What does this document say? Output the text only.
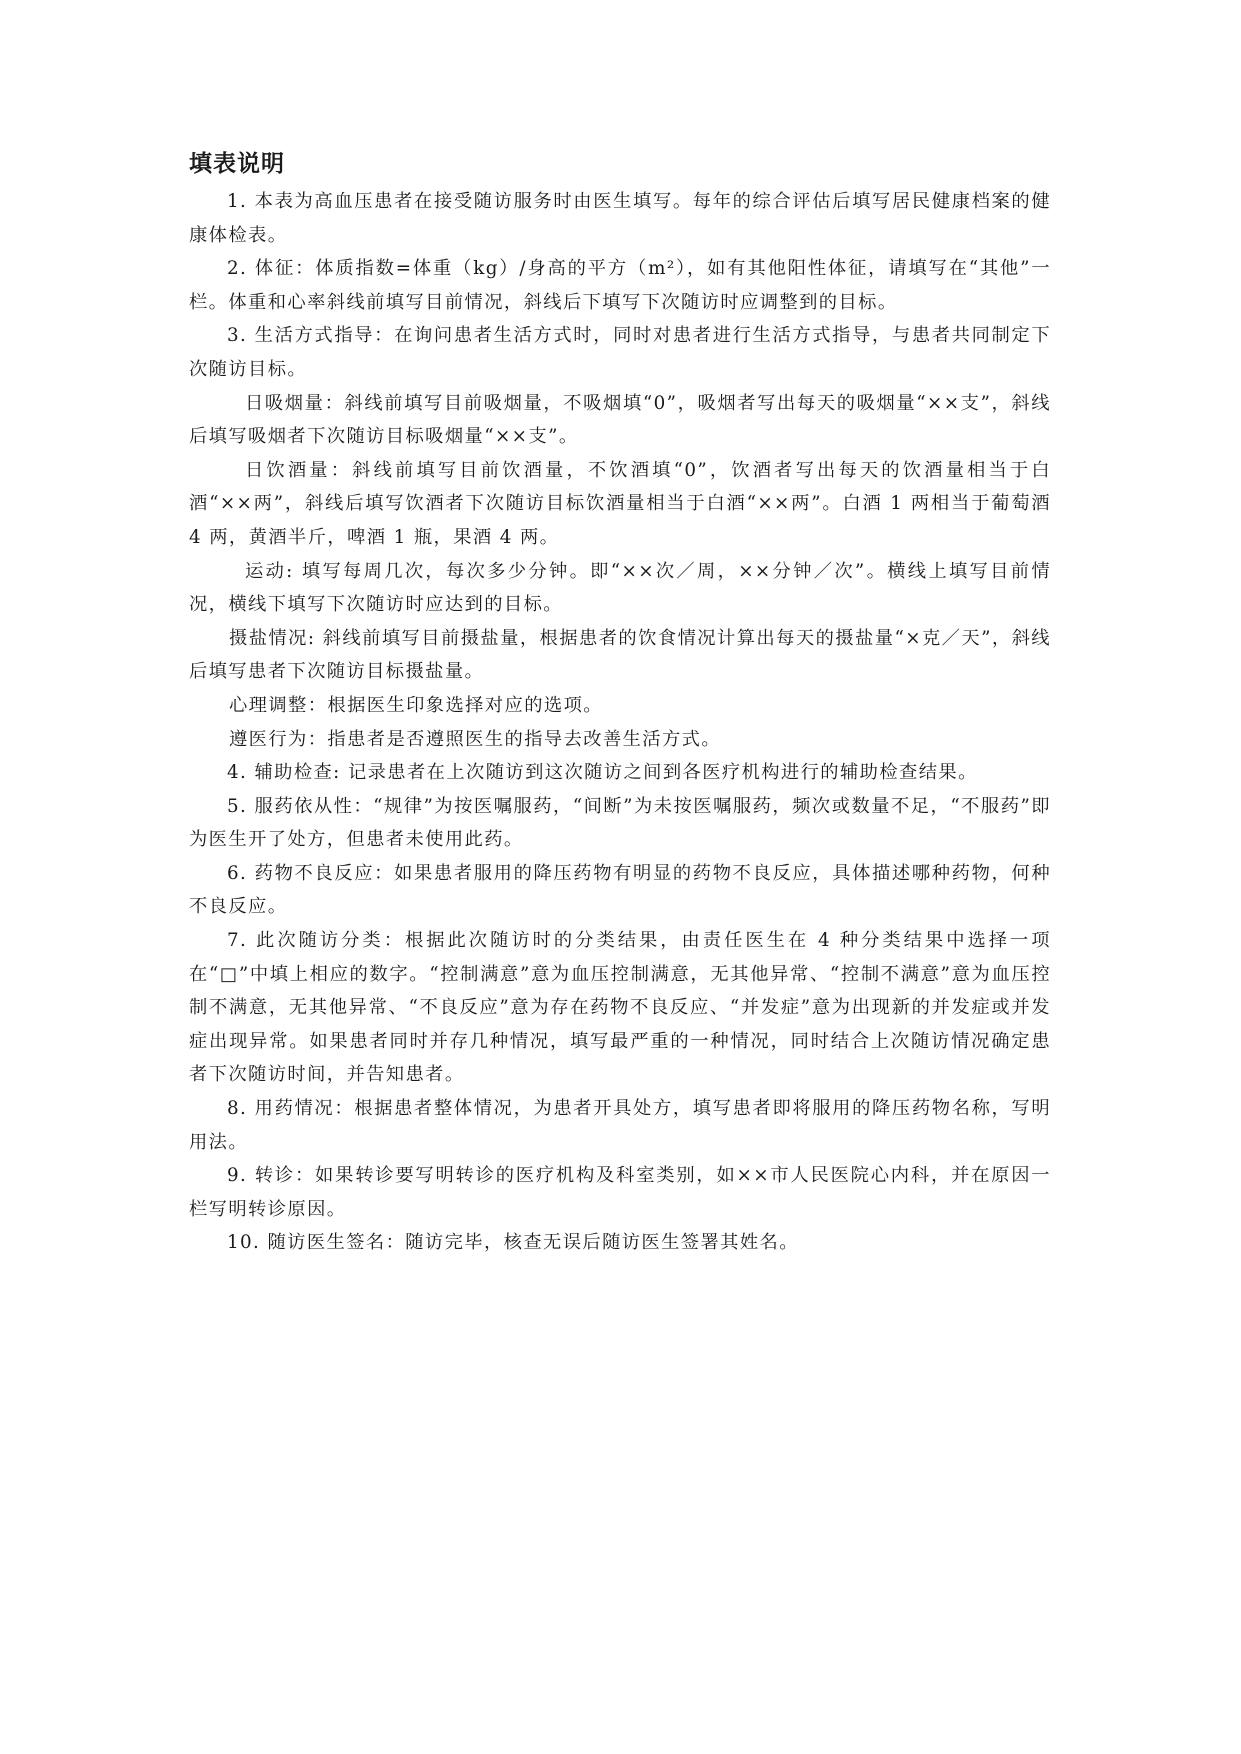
填表说明

1. 本表为高血压患者在接受随访服务时由医生填写。每年的综合评估后填写居民健康档案的健康体检表。

2. 体征：体质指数=体重（kg）/身高的平方（m²），如有其他阳性体征，请填写在“其他”一栏。体重和心率斜线前填写目前情况，斜线后下填写下次随访时应调整到的目标。

3. 生活方式指导：在询问患者生活方式时，同时对患者进行生活方式指导，与患者共同制定下次随访目标。

日吸烟量：斜线前填写目前吸烟量，不吸烟填“0”，吸烟者写出每天的吸烟量“××支”，斜线后填写吸烟者下次随访目标吸烟量“××支”。

日饮酒量：斜线前填写目前饮酒量，不饮酒填“0”，饮酒者写出每天的饮酒量相当于白酒“××两”，斜线后填写饮酒者下次随访目标饮酒量相当于白酒“××两”。白酒 1 两相当于葡萄酒 4 两，黄酒半斤，啤酒 1 瓶，果酒 4 两。

运动: 填写每周几次，每次多少分钟。即“××次／周，××分钟／次”。横线上填写目前情况，横线下填写下次随访时应达到的目标。

摄盐情况: 斜线前填写目前摄盐量，根据患者的饮食情况计算出每天的摄盐量“×克／天”，斜线后填写患者下次随访目标摄盐量。

心理调整：根据医生印象选择对应的选项。

遵医行为：指患者是否遵照医生的指导去改善生活方式。

4. 辅助检查: 记录患者在上次随访到这次随访之间到各医疗机构进行的辅助检查结果。

5. 服药依从性：“规律”为按医嘱服药，“间断”为未按医嘱服药，频次或数量不足，“不服药”即为医生开了处方，但患者未使用此药。

6. 药物不良反应：如果患者服用的降压药物有明显的药物不良反应，具体描述哪种药物，何种不良反应。

7. 此次随访分类：根据此次随访时的分类结果，由责任医生在 4 种分类结果中选择一项在“□”中填上相应的数字。“控制满意”意为血压控制满意，无其他异常、“控制不满意”意为血压控制不满意，无其他异常、“不良反应”意为存在药物不良反应、“并发症”意为出现新的并发症或并发症出现异常。如果患者同时并存几种情况，填写最严重的一种情况，同时结合上次随访情况确定患者下次随访时间，并告知患者。

8. 用药情况：根据患者整体情况，为患者开具处方，填写患者即将服用的降压药物名称，写明用法。

9. 转诊：如果转诊要写明转诊的医疗机构及科室类别，如××市人民医院心内科，并在原因一栏写明转诊原因。

10. 随访医生签名：随访完毕，核查无误后随访医生签署其姓名。
